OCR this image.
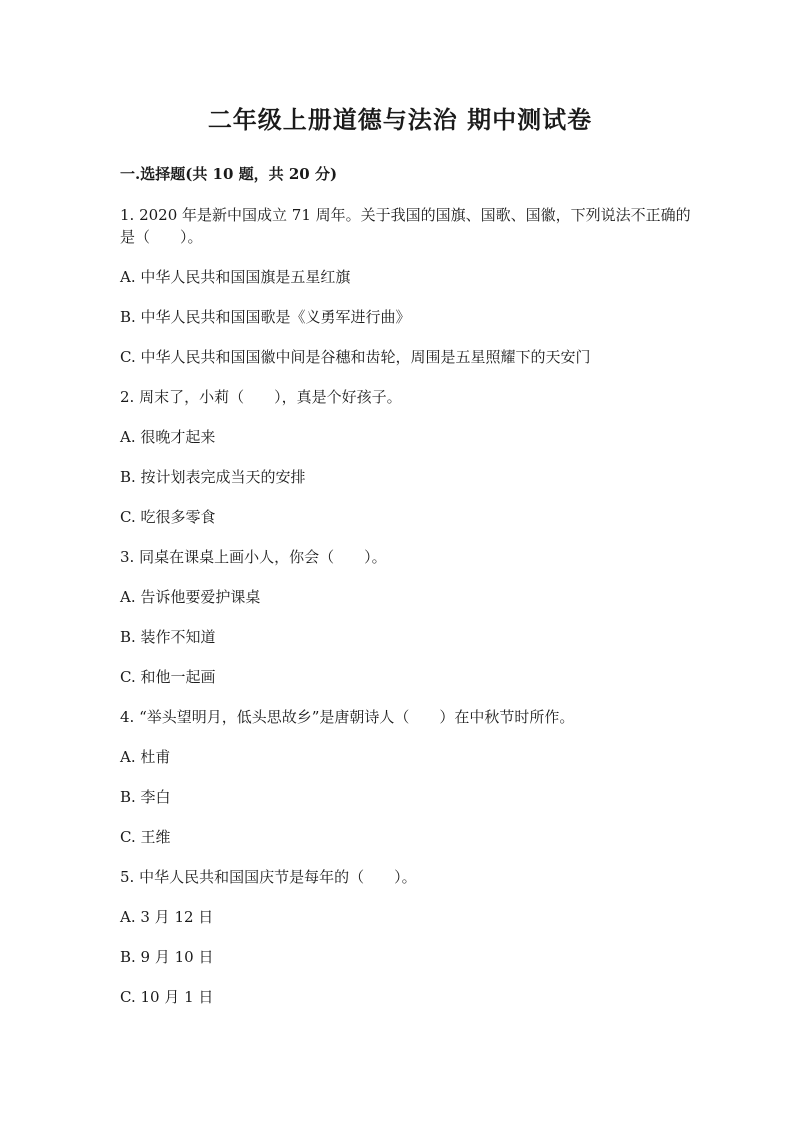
二年级上册道德与法治 期中测试卷
一.选择题(共 10 题，共 20 分)
1. 2020 年是新中国成立 71 周年。关于我国的国旗、国歌、国徽，下列说法不正确的是（　　）。
A. 中华人民共和国国旗是五星红旗
B. 中华人民共和国国歌是《义勇军进行曲》
C. 中华人民共和国国徽中间是谷穗和齿轮，周围是五星照耀下的天安门
2. 周末了，小莉（　　），真是个好孩子。
A. 很晚才起来
B. 按计划表完成当天的安排
C. 吃很多零食
3. 同桌在课桌上画小人，你会（　　）。
A. 告诉他要爱护课桌
B. 装作不知道
C. 和他一起画
4. “举头望明月，低头思故乡”是唐朝诗人（　　）在中秋节时所作。
A. 杜甫
B. 李白
C. 王维
5. 中华人民共和国国庆节是每年的（　　）。
A. 3 月 12 日
B. 9 月 10 日
C. 10 月 1 日
